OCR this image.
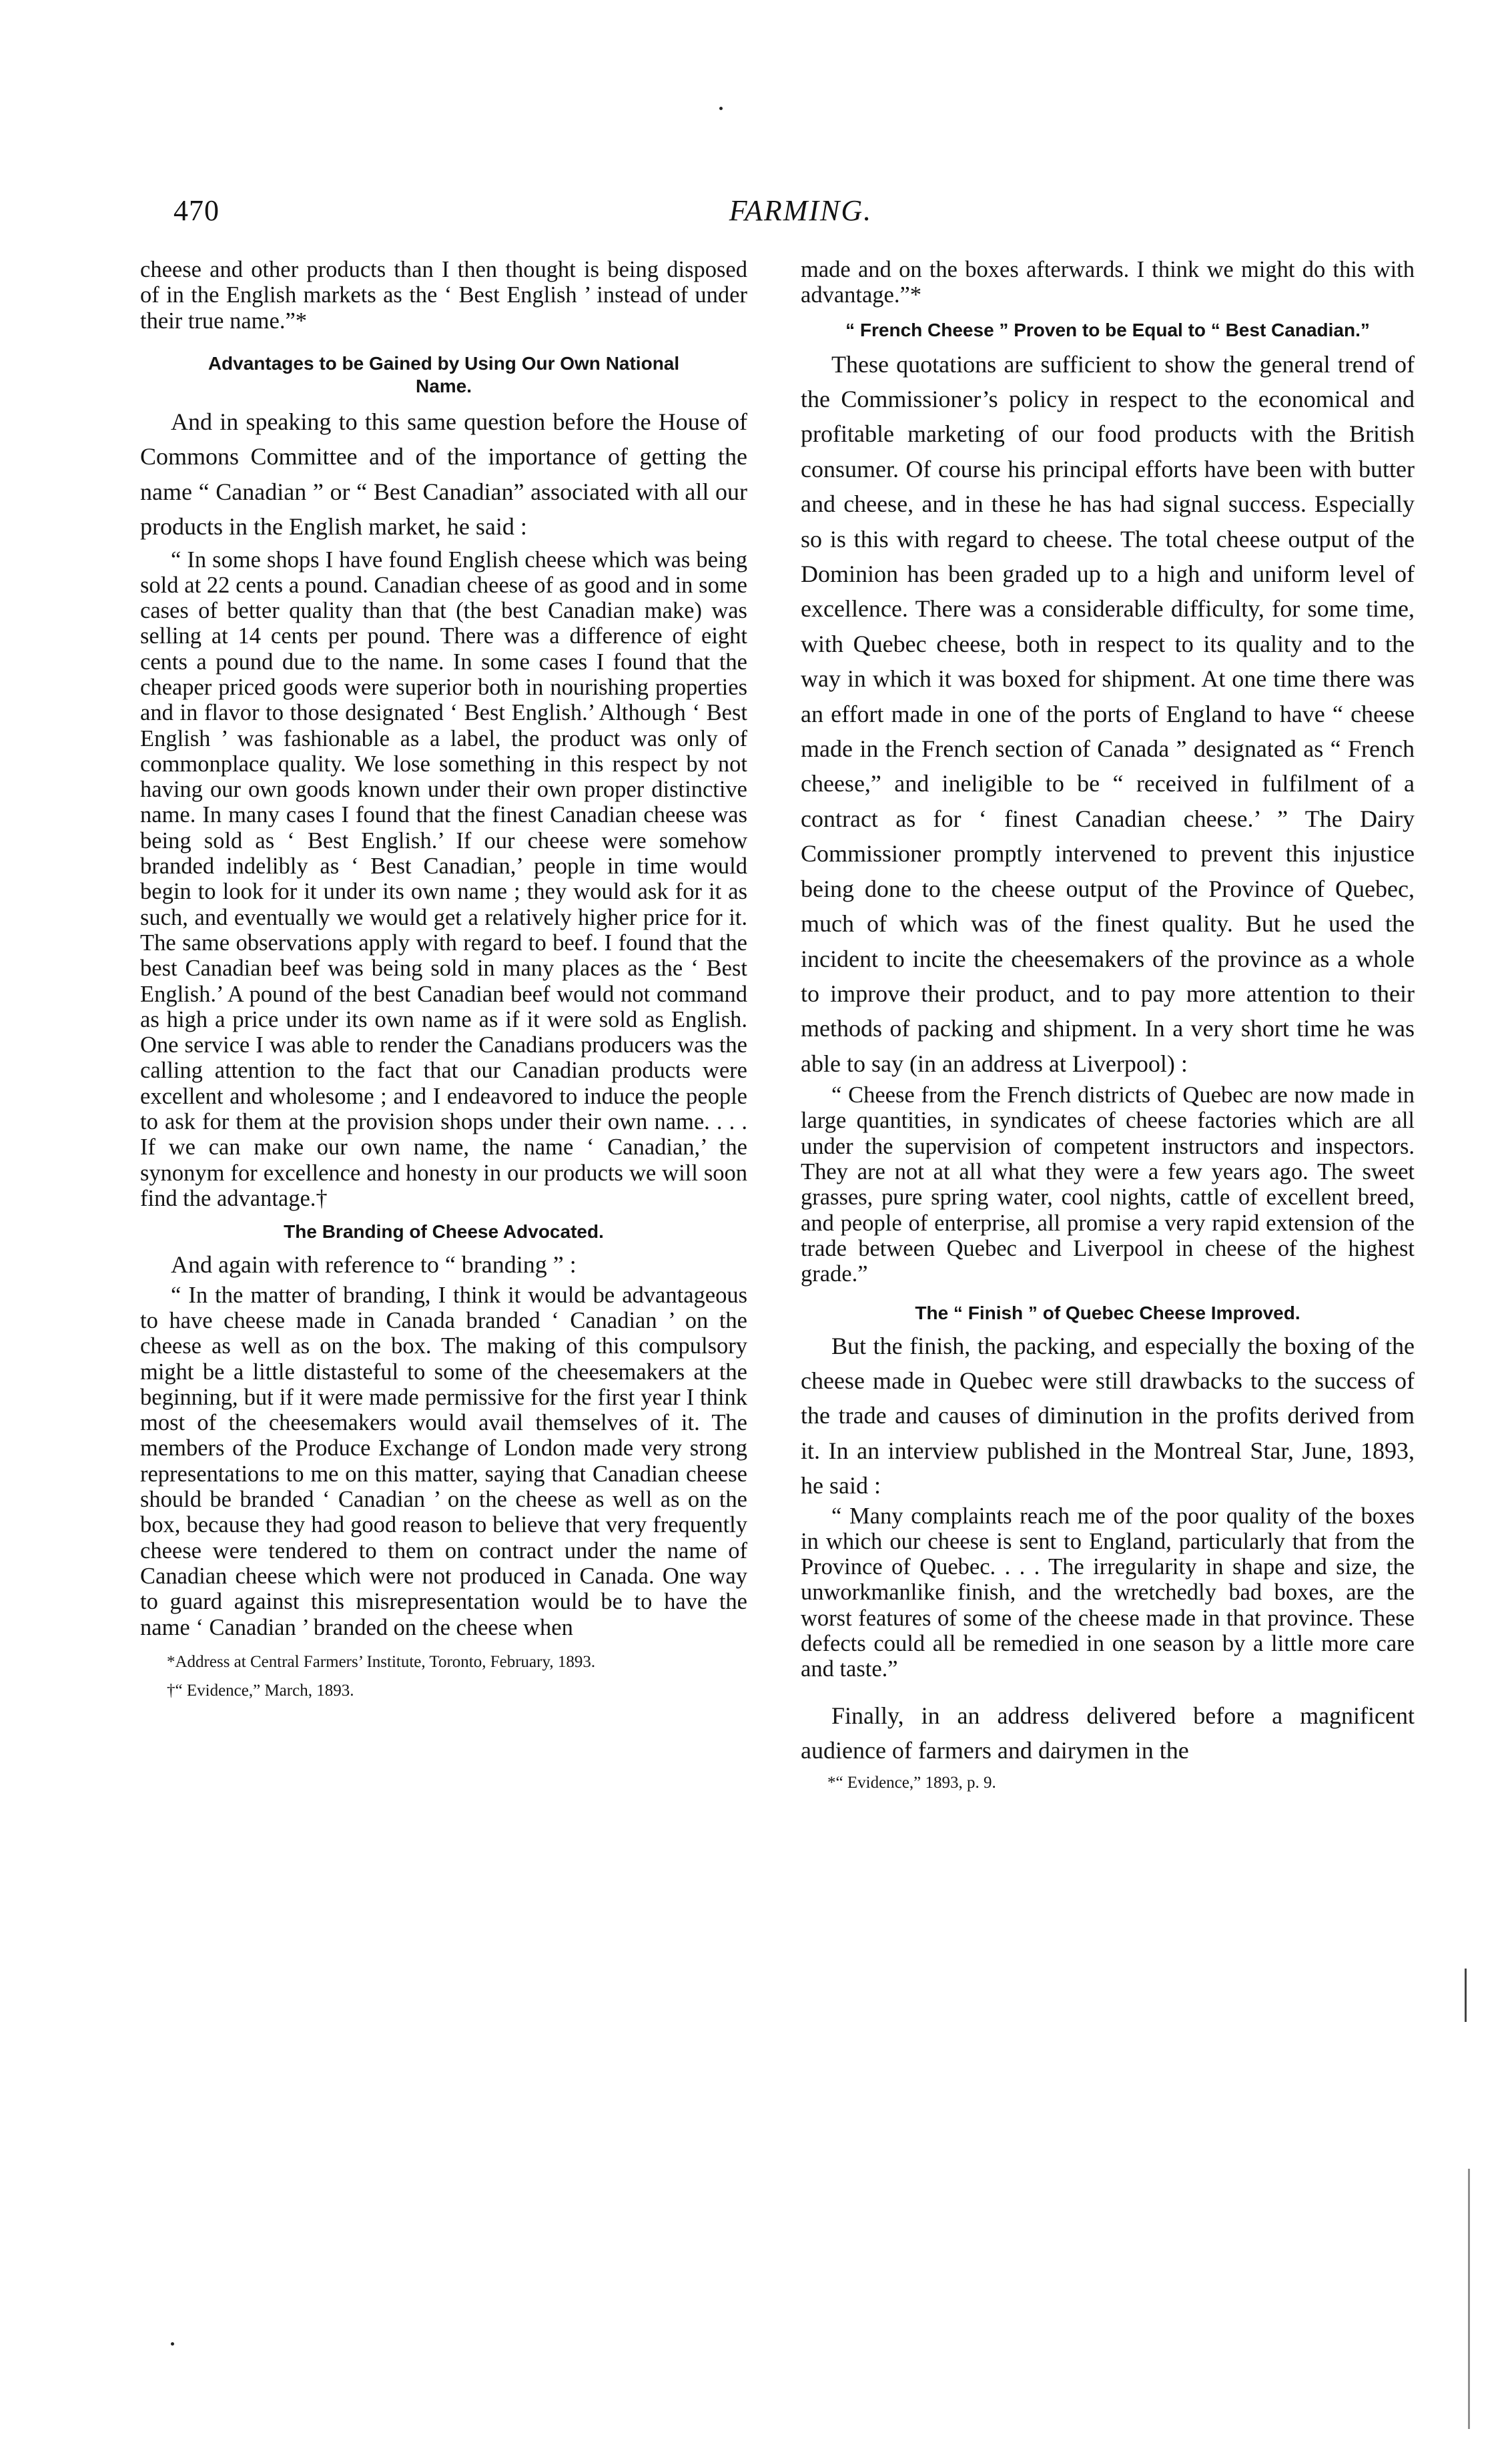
470	FARMING.

cheese and other products than I then thought is being disposed of in the English markets as the ‘ Best English ’ instead of under their true name.”*

Advantages to be Gained by Using Our Own National Name.

And in speaking to this same question before the House of Commons Committee and of the importance of getting the name “ Canadian ” or “ Best Canadian” associated with all our products in the English market, he said :

“ In some shops I have found English cheese which was being sold at 22 cents a pound. Canadian cheese of as good and in some cases of better quality than that (the best Canadian make) was selling at 14 cents per pound. There was a difference of eight cents a pound due to the name. In some cases I found that the cheaper priced goods were superior both in nourishing properties and in flavor to those designated ‘ Best English.’ Although ‘ Best English ’ was fashionable as a label, the product was only of commonplace quality. We lose something in this respect by not having our own goods known under their own proper distinctive name. In many cases I found that the finest Canadian cheese was being sold as ‘ Best English.’ If our cheese were somehow branded indelibly as ‘ Best Canadian,’ people in time would begin to look for it under its own name ; they would ask for it as such, and eventually we would get a relatively higher price for it. The same observations apply with regard to beef. I found that the best Canadian beef was being sold in many places as the ‘ Best English.’ A pound of the best Canadian beef would not command as high a price under its own name as if it were sold as English. One service I was able to render the Canadians producers was the calling attention to the fact that our Canadian products were excellent and wholesome ; and I endeavored to induce the people to ask for them at the provision shops under their own name. . . . If we can make our own name, the name ‘ Canadian,’ the synonym for excellence and honesty in our products we will soon find the advantage.†

The Branding of Cheese Advocated.

And again with reference to “ branding ” :

“ In the matter of branding, I think it would be advantageous to have cheese made in Canada branded ‘ Canadian ’ on the cheese as well as on the box. The making of this compulsory might be a little distasteful to some of the cheesemakers at the beginning, but if it were made permissive for the first year I think most of the cheesemakers would avail themselves of it. The members of the Produce Exchange of London made very strong representations to me on this matter, saying that Canadian cheese should be branded ‘ Canadian ’ on the cheese as well as on the box, because they had good reason to believe that very frequently cheese were tendered to them on contract under the name of Canadian cheese which were not produced in Canada. One way to guard against this misrepresentation would be to have the name ‘ Canadian ’ branded on the cheese when

*Address at Central Farmers’ Institute, Toronto, February, 1893.

†“ Evidence,” March, 1893.

made and on the boxes afterwards. I think we might do this with advantage.”*

“ French Cheese ” Proven to be Equal to “ Best Canadian.”

These quotations are sufficient to show the general trend of the Commissioner’s policy in respect to the economical and profitable marketing of our food products with the British consumer. Of course his principal efforts have been with butter and cheese, and in these he has had signal success. Especially so is this with regard to cheese. The total cheese output of the Dominion has been graded up to a high and uniform level of excellence. There was a considerable difficulty, for some time, with Quebec cheese, both in respect to its quality and to the way in which it was boxed for shipment. At one time there was an effort made in one of the ports of England to have “ cheese made in the French section of Canada ” designated as “ French cheese,” and ineligible to be “ received in fulfilment of a contract as for ‘ finest Canadian cheese.’ ” The Dairy Commissioner promptly intervened to prevent this injustice being done to the cheese output of the Province of Quebec, much of which was of the finest quality. But he used the incident to incite the cheesemakers of the province as a whole to improve their product, and to pay more attention to their methods of packing and shipment. In a very short time he was able to say (in an address at Liverpool) :

“ Cheese from the French districts of Quebec are now made in large quantities, in syndicates of cheese factories which are all under the supervision of competent instructors and inspectors. They are not at all what they were a few years ago. The sweet grasses, pure spring water, cool nights, cattle of excellent breed, and people of enterprise, all promise a very rapid extension of the trade between Quebec and Liverpool in cheese of the highest grade.”

The “ Finish ” of Quebec Cheese Improved.

But the finish, the packing, and especially the boxing of the cheese made in Quebec were still drawbacks to the success of the trade and causes of diminution in the profits derived from it. In an interview published in the Montreal Star, June, 1893, he said :

“ Many complaints reach me of the poor quality of the boxes in which our cheese is sent to England, particularly that from the Province of Quebec. . . . The irregularity in shape and size, the unworkmanlike finish, and the wretchedly bad boxes, are the worst features of some of the cheese made in that province. These defects could all be remedied in one season by a little more care and taste.”

Finally, in an address delivered before a magnificent audience of farmers and dairymen in the

*“ Evidence,” 1893, p. 9.
